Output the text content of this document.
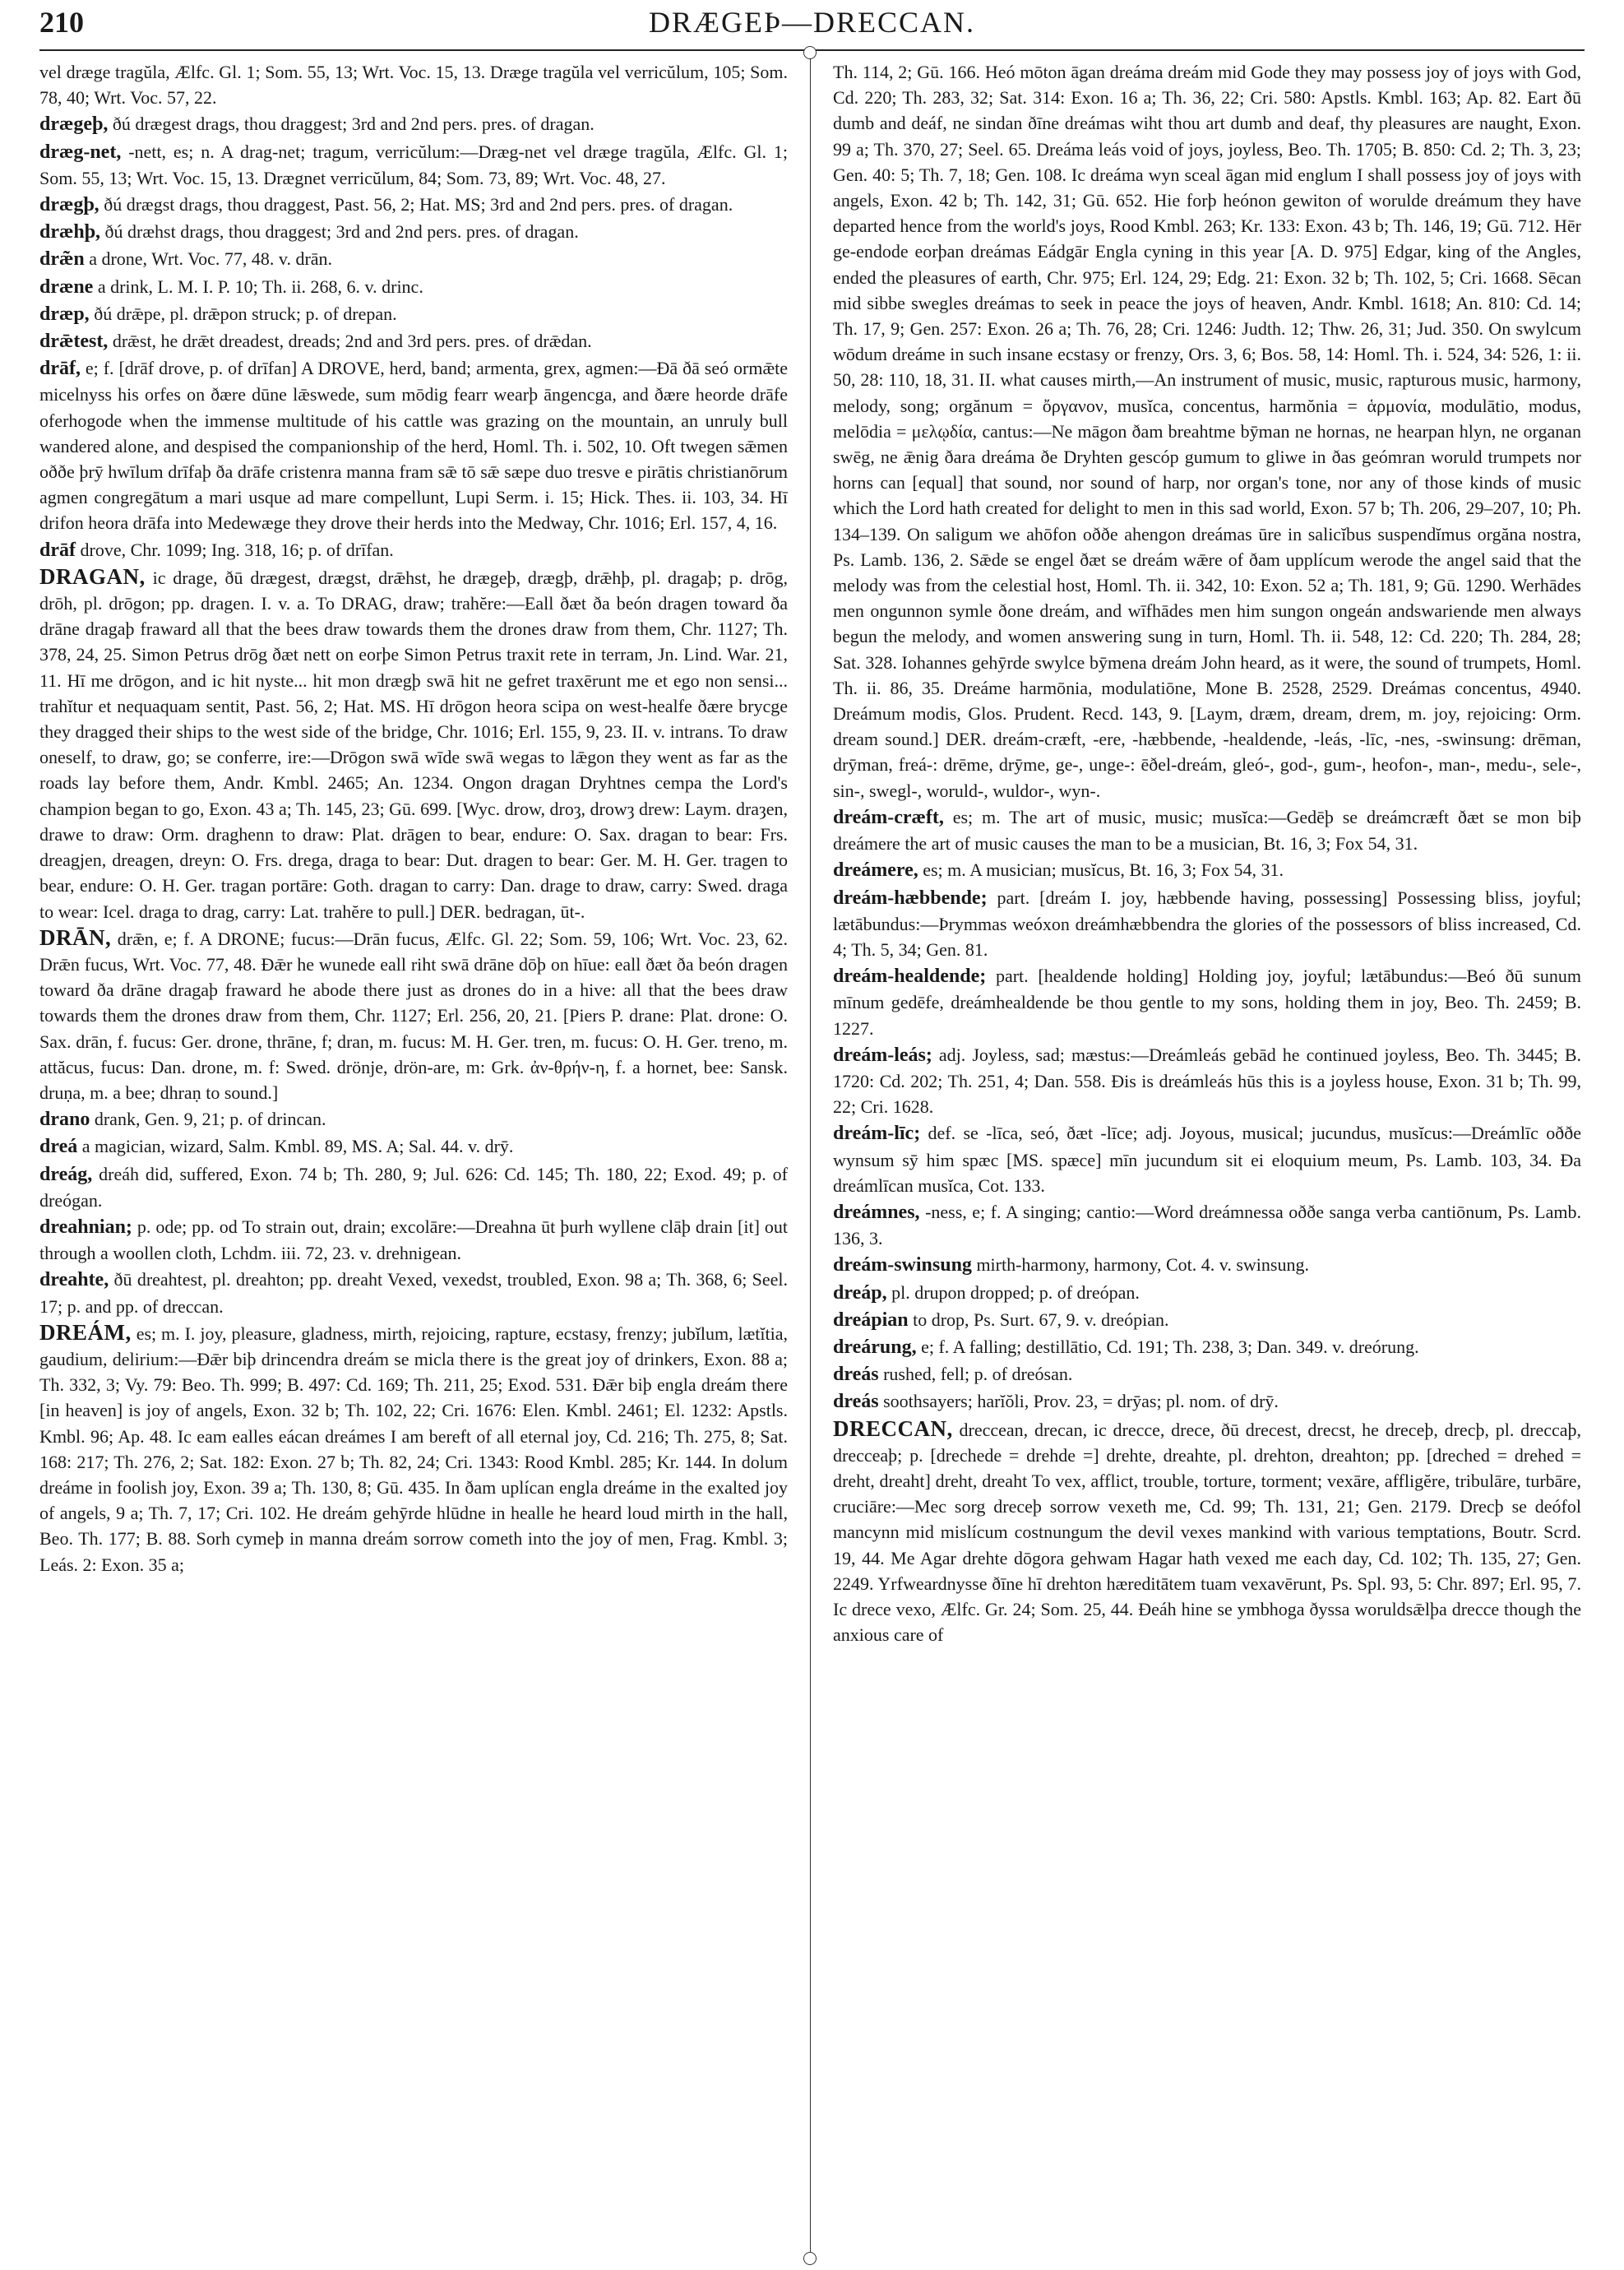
210	DRÆGEÞ—DRECCAN.

vel dræge tragŭla, Ælfc. Gl. 1; Som. 55, 13; Wrt. Voc. 15, 13. Dræge tragŭla vel verricŭlum, 105; Som. 78, 40; Wrt. Voc. 57, 22.

drægeþ, ðú drægest drags, thou draggest; 3rd and 2nd pers. pres. of dragan.

dræg-net, -nett, es; n. A drag-net; tragum, verricŭlum:—Dræg-net vel dræge tragŭla, Ælfc. Gl. 1; Som. 55, 13; Wrt. Voc. 15, 13. Drægnet verricŭlum, 84; Som. 73, 89; Wrt. Voc. 48, 27.

drægþ, ðú drægst drags, thou draggest, Past. 56, 2; Hat. MS; 3rd and 2nd pers. pres. of dragan.

dræhþ, ðú dræhst drags, thou draggest; 3rd and 2nd pers. pres. of dragan.

dræ̃n a drone, Wrt. Voc. 77, 48. v. drān.

dræne a drink, L. M. I. P. 10; Th. ii. 268, 6. v. drinc.

dræp, ðú drǣpe, pl. drǣpon struck; p. of drepan.

drǣtest, drǣst, he drǣt dreadest, dreads; 2nd and 3rd pers. pres. of drǣdan.

drāf, e; f. [drāf drove, p. of drīfan] A DROVE, herd, band; armenta, grex, agmen:—Ðā ðā seó ormǣte micelnyss his orfes on ðære dūne lǣswede, sum mōdig fearr wearþ āngencga, and ðære heorde drāfe oferhogode when the immense multitude of his cattle was grazing on the mountain, an unruly bull wandered alone, and despised the companionship of the herd, Homl. Th. i. 502, 10. Oft twegen sǣmen oððe þrȳ hwīlum drīfaþ ða drāfe cristenra manna fram sǣ tō sǣ sæpe duo tresve e pirātis christianōrum agmen congregātum a mari usque ad mare compellunt, Lupi Serm. i. 15; Hick. Thes. ii. 103, 34. Hī drifon heora drāfa into Medewæge they drove their herds into the Medway, Chr. 1016; Erl. 157, 4, 16.

drāf drove, Chr. 1099; Ing. 318, 16; p. of drīfan.

DRAGAN, ic drage, ðū drægest, drægst, drǣhst, he drægeþ, drægþ, drǣhþ, pl. dragaþ; p. drōg, drōh, pl. drōgon; pp. dragen. I. v. a. To DRAG, draw; trahĕre:—Eall ðæt ða beón dragen toward ða drāne dragaþ fraward all that the bees draw towards them the drones draw from them, Chr. 1127; Th. 378, 24, 25. Simon Petrus drōg ðæt nett on eorþe Simon Petrus traxit rete in terram, Jn. Lind. War. 21, 11. Hī me drōgon, and ic hit nyste... hit mon drægþ swā hit ne gefret traxērunt me et ego non sensi... trahĭtur et nequaquam sentit, Past. 56, 2; Hat. MS. Hī drōgon heora scipa on west-healfe ðære brycge they dragged their ships to the west side of the bridge, Chr. 1016; Erl. 155, 9, 23. II. v. intrans. To draw oneself, to draw, go; se conferre, ire:—Drōgon swā wīde swā wegas to lǣgon they went as far as the roads lay before them, Andr. Kmbl. 2465; An. 1234. Ongon dragan Dryhtnes cempa the Lord's champion began to go, Exon. 43 a; Th. 145, 23; Gū. 699. [Wyc. drow, droȝ, drowȝ drew: Laym. draȝen, drawe to draw: Orm. draghenn to draw: Plat. drāgen to bear, endure: O. Sax. dragan to bear: Frs. dreagjen, dreagen, dreyn: O. Frs. drega, draga to bear: Dut. dragen to bear: Ger. M. H. Ger. tragen to bear, endure: O. H. Ger. tragan portāre: Goth. dragan to carry: Dan. drage to draw, carry: Swed. draga to wear: Icel. draga to drag, carry: Lat. trahĕre to pull.] DER. bedragan, ūt-.

DRĀN, drǣn, e; f. A DRONE; fucus:—Drān fucus, Ælfc. Gl. 22; Som. 59, 106; Wrt. Voc. 23, 62. Drǣn fucus, Wrt. Voc. 77, 48. Ðǣr he wunede eall riht swā drāne dōþ on hīue: eall ðæt ða beón dragen toward ða drāne dragaþ fraward he abode there just as drones do in a hive: all that the bees draw towards them the drones draw from them, Chr. 1127; Erl. 256, 20, 21. [Piers P. drane: Plat. drone: O. Sax. drān, f. fucus: Ger. drone, thrāne, f; dran, m. fucus: M. H. Ger. tren, m. fucus: O. H. Ger. treno, m. attăcus, fucus: Dan. drone, m. f: Swed. drönje, drön-are, m: Grk. ἀν-θρήν-η, f. a hornet, bee: Sansk. druṇa, m. a bee; dhraṇ to sound.]

drano drank, Gen. 9, 21; p. of drincan.

dreá a magician, wizard, Salm. Kmbl. 89, MS. A; Sal. 44. v. drȳ.

dreág, dreáh did, suffered, Exon. 74 b; Th. 280, 9; Jul. 626: Cd. 145; Th. 180, 22; Exod. 49; p. of dreógan.

dreahnian; p. ode; pp. od To strain out, drain; excolāre:—Dreahna ūt þurh wyllene clāþ drain [it] out through a woollen cloth, Lchdm. iii. 72, 23. v. drehnigean.

dreahte, ðū dreahtest, pl. dreahton; pp. dreaht Vexed, vexedst, troubled, Exon. 98 a; Th. 368, 6; Seel. 17; p. and pp. of dreccan.

DREÁM, es; m. I. joy, pleasure, gladness, mirth, rejoicing, rapture, ecstasy, frenzy; jubĭlum, lætĭtia, gaudium, delirium:—Ðǣr biþ drincendra dreám se micla there is the great joy of drinkers, Exon. 88 a; Th. 332, 3; Vy. 79: Beo. Th. 999; B. 497: Cd. 169; Th. 211, 25; Exod. 531. Ðǣr biþ engla dreám there [in heaven] is joy of angels, Exon. 32 b; Th. 102, 22; Cri. 1676: Elen. Kmbl. 2461; El. 1232: Apstls. Kmbl. 96; Ap. 48. Ic eam ealles eácan dreámes I am bereft of all eternal joy, Cd. 216; Th. 275, 8; Sat. 168: 217; Th. 276, 2; Sat. 182: Exon. 27 b; Th. 82, 24; Cri. 1343: Rood Kmbl. 285; Kr. 144. In dolum dreáme in foolish joy, Exon. 39 a; Th. 130, 8; Gū. 435. In ðam uplícan engla dreáme in the exalted joy of angels, 9 a; Th. 7, 17; Cri. 102. He dreám gehȳrde hlūdne in healle he heard loud mirth in the hall, Beo. Th. 177; B. 88. Sorh cymeþ in manna dreám sorrow cometh into the joy of men, Frag. Kmbl. 3; Leás. 2: Exon. 35 a;

Th. 114, 2; Gū. 166. Heó mōton āgan dreáma dreám mid Gode they may possess joy of joys with God, Cd. 220; Th. 283, 32; Sat. 314: Exon. 16 a; Th. 36, 22; Cri. 580: Apstls. Kmbl. 163; Ap. 82. Eart ðū dumb and deáf, ne sindan ðīne dreámas wiht thou art dumb and deaf, thy pleasures are naught, Exon. 99 a; Th. 370, 27; Seel. 65. Dreáma leás void of joys, joyless, Beo. Th. 1705; B. 850: Cd. 2; Th. 3, 23; Gen. 40: 5; Th. 7, 18; Gen. 108. Ic dreáma wyn sceal āgan mid englum I shall possess joy of joys with angels, Exon. 42 b; Th. 142, 31; Gū. 652. Hie forþ heónon gewiton of worulde dreámum they have departed hence from the world's joys, Rood Kmbl. 263; Kr. 133: Exon. 43 b; Th. 146, 19; Gū. 712. Hēr ge-endode eorþan dreámas Eádgār Engla cyning in this year [A. D. 975] Edgar, king of the Angles, ended the pleasures of earth, Chr. 975; Erl. 124, 29; Edg. 21: Exon. 32 b; Th. 102, 5; Cri. 1668. Sēcan mid sibbe swegles dreámas to seek in peace the joys of heaven, Andr. Kmbl. 1618; An. 810: Cd. 14; Th. 17, 9; Gen. 257: Exon. 26 a; Th. 76, 28; Cri. 1246: Judth. 12; Thw. 26, 31; Jud. 350. On swylcum wōdum dreáme in such insane ecstasy or frenzy, Ors. 3, 6; Bos. 58, 14: Homl. Th. i. 524, 34: 526, 1: ii. 50, 28: 110, 18, 31. II. what causes mirth,—An instrument of music, music, rapturous music, harmony, melody, song; orgănum = ὄργανον, musĭca, concentus, harmŏnia = ἁρμονία, modulātio, modus, melōdia = μελῳδία, cantus:—Ne māgon ðam breahtme bȳman ne hornas, ne hearpan hlyn, ne organan swēg, ne ǣnig ðara dreáma ðe Dryhten gescóp gumum to gliwe in ðas geómran woruld trumpets nor horns can [equal] that sound, nor sound of harp, nor organ's tone, nor any of those kinds of music which the Lord hath created for delight to men in this sad world, Exon. 57 b; Th. 206, 29–207, 10; Ph. 134–139. On saligum we ahōfon oððe ahengon dreámas ūre in salicĭbus suspendĭmus orgăna nostra, Ps. Lamb. 136, 2. Sǣde se engel ðæt se dreám wǣre of ðam upplícum werode the angel said that the melody was from the celestial host, Homl. Th. ii. 342, 10: Exon. 52 a; Th. 181, 9; Gū. 1290. Werhādes men ongunnon symle ðone dreám, and wīfhādes men him sungon ongeán andswariende men always begun the melody, and women answering sung in turn, Homl. Th. ii. 548, 12: Cd. 220; Th. 284, 28; Sat. 328. Iohannes gehȳrde swylce bȳmena dreám John heard, as it were, the sound of trumpets, Homl. Th. ii. 86, 35. Dreáme harmōnia, modulatiōne, Mone B. 2528, 2529. Dreámas concentus, 4940. Dreámum modis, Glos. Prudent. Recd. 143, 9. [Laym, dræm, dream, drem, m. joy, rejoicing: Orm. dream sound.] DER. dreám-cræft, -ere, -hæbbende, -healdende, -leás, -līc, -nes, -swinsung: drēman, drȳman, freá-: drēme, drȳme, ge-, unge-: ēðel-dreám, gleó-, god-, gum-, heofon-, man-, medu-, sele-, sin-, swegl-, woruld-, wuldor-, wyn-.

dreám-cræft, es; m. The art of music, music; musĭca:—Gedēþ se dreámcræft ðæt se mon biþ dreámere the art of music causes the man to be a musician, Bt. 16, 3; Fox 54, 31.

dreámere, es; m. A musician; musĭcus, Bt. 16, 3; Fox 54, 31.

dreám-hæbbende; part. [dreám I. joy, hæbbende having, possessing] Possessing bliss, joyful; lætābundus:—Þrymmas weóxon dreámhæbbendra the glories of the possessors of bliss increased, Cd. 4; Th. 5, 34; Gen. 81.

dreám-healdende; part. [healdende holding] Holding joy, joyful; lætābundus:—Beó ðū sunum mīnum gedēfe, dreámhealdende be thou gentle to my sons, holding them in joy, Beo. Th. 2459; B. 1227.

dreám-leás; adj. Joyless, sad; mæstus:—Dreámleás gebād he continued joyless, Beo. Th. 3445; B. 1720: Cd. 202; Th. 251, 4; Dan. 558. Ðis is dreámleás hūs this is a joyless house, Exon. 31 b; Th. 99, 22; Cri. 1628.

dreám-līc; def. se -līca, seó, ðæt -līce; adj. Joyous, musical; jucundus, musĭcus:—Dreámlīc oððe wynsum sȳ him spæc [MS. spæce] mīn jucundum sit ei eloquium meum, Ps. Lamb. 103, 34. Ða dreámlīcan musĭca, Cot. 133.

dreámnes, -ness, e; f. A singing; cantio:—Word dreámnessa oððe sanga verba cantiōnum, Ps. Lamb. 136, 3.

dreám-swinsung mirth-harmony, harmony, Cot. 4. v. swinsung.

dreáp, pl. drupon dropped; p. of dreópan.

dreápian to drop, Ps. Surt. 67, 9. v. dreópian.

dreárung, e; f. A falling; destillātio, Cd. 191; Th. 238, 3; Dan. 349. v. dreórung.

dreás rushed, fell; p. of dreósan.

dreás soothsayers; harĭŏli, Prov. 23, = drȳas; pl. nom. of drȳ.

DRECCAN, dreccean, drecan, ic drecce, drece, ðū drecest, drecst, he dreceþ, drecþ, pl. dreccaþ, drecceaþ; p. [drechede = drehde =] drehte, dreahte, pl. drehton, dreahton; pp. [dreched = drehed = dreht, dreaht] dreht, dreaht To vex, afflict, trouble, torture, torment; vexāre, affligĕre, tribulāre, turbāre, cruciāre:—Mec sorg dreceþ sorrow vexeth me, Cd. 99; Th. 131, 21; Gen. 2179. Drecþ se deófol mancynn mid mislícum costnungum the devil vexes mankind with various temptations, Boutr. Scrd. 19, 44. Me Agar drehte dōgora gehwam Hagar hath vexed me each day, Cd. 102; Th. 135, 27; Gen. 2249. Yrfweardnysse ðīne hī drehton hæreditātem tuam vexavērunt, Ps. Spl. 93, 5: Chr. 897; Erl. 95, 7. Ic drece vexo, Ælfc. Gr. 24; Som. 25, 44. Ðeáh hine se ymbhoga ðyssa woruldsǣlþa drecce though the anxious care of
